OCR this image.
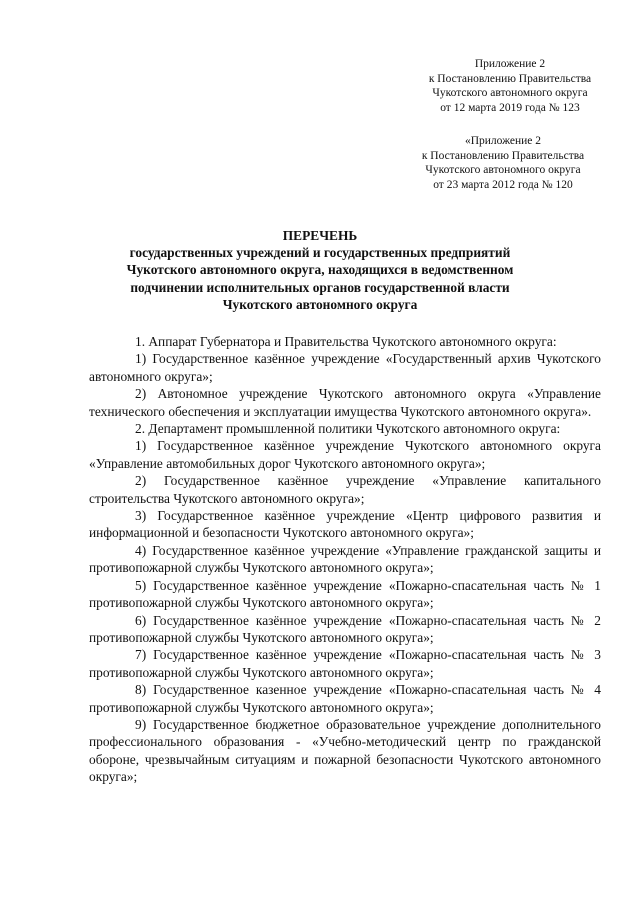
Приложение 2
к Постановлению Правительства
Чукотского автономного округа
от 12 марта 2019 года № 123
«Приложение 2
к Постановлению Правительства
Чукотского автономного округа
от 23 марта 2012 года № 120
ПЕРЕЧЕНЬ
государственных учреждений и государственных предприятий
Чукотского автономного округа, находящихся в ведомственном
подчинении исполнительных органов государственной власти
Чукотского автономного округа

1. Аппарат Губернатора и Правительства Чукотского автономного округа:

1) Государственное казённое учреждение «Государственный архив Чукотского автономного округа»;

2) Автономное учреждение Чукотского автономного округа «Управление технического обеспечения и эксплуатации имущества Чукотского автономного округа».

2. Департамент промышленной политики Чукотского автономного округа:

1) Государственное казённое учреждение Чукотского автономного округа «Управление автомобильных дорог Чукотского автономного округа»;

2) Государственное казённое учреждение «Управление капитального строительства Чукотского автономного округа»;

3) Государственное казённое учреждение «Центр цифрового развития и информационной и безопасности Чукотского автономного округа»;

4) Государственное казённое учреждение «Управление гражданской защиты и противопожарной службы Чукотского автономного округа»;

5) Государственное казённое учреждение «Пожарно-спасательная часть № 1 противопожарной службы Чукотского автономного округа»;

6) Государственное казённое учреждение «Пожарно-спасательная часть № 2 противопожарной службы Чукотского автономного округа»;

7) Государственное казённое учреждение «Пожарно-спасательная часть № 3 противопожарной службы Чукотского автономного округа»;

8) Государственное казенное учреждение «Пожарно-спасательная часть № 4 противопожарной службы Чукотского автономного округа»;

9) Государственное бюджетное образовательное учреждение дополнительного профессионального образования - «Учебно-методический центр по гражданской обороне, чрезвычайным ситуациям и пожарной безопасности Чукотского автономного округа»;
